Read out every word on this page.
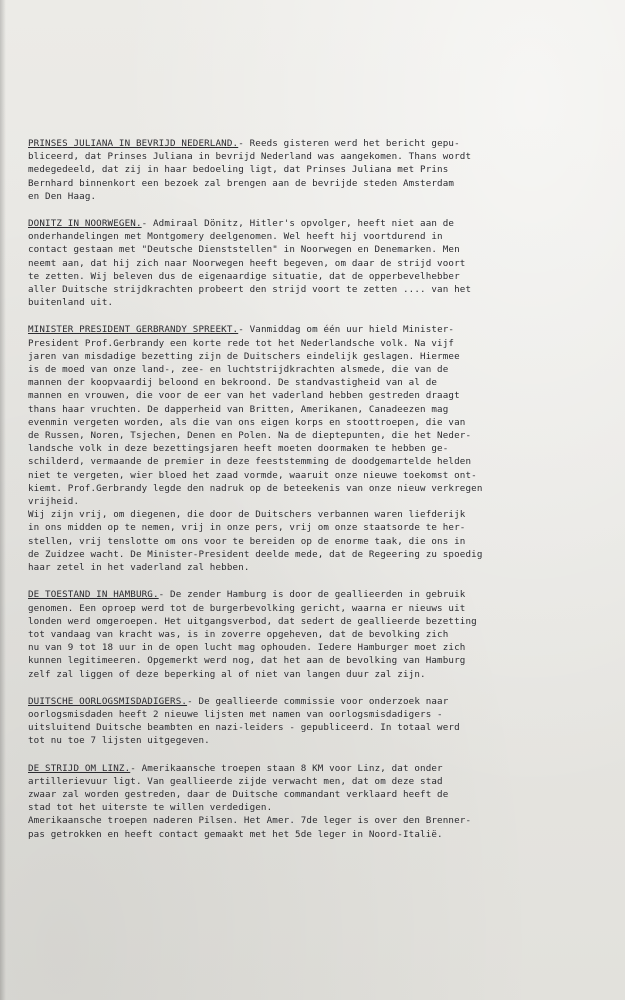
PRINSES JULIANA IN BEVRIJD NEDERLAND.- Reeds gisteren werd het bericht gepu-
bliceerd, dat Prinses Juliana in bevrijd Nederland was aangekomen. Thans wordt
medegedeeld, dat zij in haar bedoeling ligt, dat Prinses Juliana met Prins
Bernhard binnenkort een bezoek zal brengen aan de bevrijde steden Amsterdam
en Den Haag.
DONITZ IN NOORWEGEN.- Admiraal Dönitz, Hitler's opvolger, heeft niet aan de
onderhandelingen met Montgomery deelgenomen. Wel heeft hij voortdurend in
contact gestaan met "Deutsche Dienststellen" in Noorwegen en Denemarken. Men
neemt aan, dat hij zich naar Noorwegen heeft begeven, om daar de strijd voort
te zetten. Wij beleven dus de eigenaardige situatie, dat de opperbevelhebber
aller Duitsche strijdkrachten probeert den strijd voort te zetten .... van het
buitenland uit.
MINISTER PRESIDENT GERBRANDY SPREEKT.- Vanmiddag om één uur hield Minister-
President Prof.Gerbrandy een korte rede tot het Nederlandsche volk. Na vijf
jaren van misdadige bezetting zijn de Duitschers eindelijk geslagen. Hiermee
is de moed van onze land-, zee- en luchtstrijdkrachten alsmede, die van de
mannen der koopvaardij beloond en bekroond. De standvastigheid van al de
mannen en vrouwen, die voor de eer van het vaderland hebben gestreden draagt
thans haar vruchten. De dapperheid van Britten, Amerikanen, Canadeezen mag
evenmin vergeten worden, als die van ons eigen korps en stoottroepen, die van
de Russen, Noren, Tsjechen, Denen en Polen. Na de dieptepunten, die het Neder-
landsche volk in deze bezettingsjaren heeft moeten doormaken te hebben ge-
schilderd, vermaande de premier in deze feeststemming de doodgemartelde helden
niet te vergeten, wier bloed het zaad vormde, waaruit onze nieuwe toekomst ont-
kiemt. Prof.Gerbrandy legde den nadruk op de beteekenis van onze nieuw verkregen
vrijheid.
Wij zijn vrij, om diegenen, die door de Duitschers verbannen waren liefderijk
in ons midden op te nemen, vrij in onze pers, vrij om onze staatsorde te her-
stellen, vrij tenslotte om ons voor te bereiden op de enorme taak, die ons in
de Zuidzee wacht. De Minister-President deelde mede, dat de Regeering zu spoedig
haar zetel in het vaderland zal hebben.
DE TOESTAND IN HAMBURG.- De zender Hamburg is door de geallieerden in gebruik
genomen. Een oproep werd tot de burgerbevolking gericht, waarna er nieuws uit
londen werd omgeroepen. Het uitgangsverbod, dat sedert de geallieerde bezetting
tot vandaag van kracht was, is in zoverre opgeheven, dat de bevolking zich
nu van 9 tot 18 uur in de open lucht mag ophouden. Iedere Hamburger moet zich
kunnen legitimeeren. Opgemerkt werd nog, dat het aan de bevolking van Hamburg
zelf zal liggen of deze beperking al of niet van langen duur zal zijn.
DUITSCHE OORLOGSMISDADIGERS.- De geallieerde commissie voor onderzoek naar
oorlogsmisdaden heeft 2 nieuwe lijsten met namen van oorlogsmisdadigers -
uitsluitend Duitsche beambten en nazi-leiders - gepubliceerd. In totaal werd
tot nu toe 7 lijsten uitgegeven.
DE STRIJD OM LINZ.- Amerikaansche troepen staan 8 KM voor Linz, dat onder
artillerievuur ligt. Van geallieerde zijde verwacht men, dat om deze stad
zwaar zal worden gestreden, daar de Duitsche commandant verklaard heeft de
stad tot het uiterste te willen verdedigen.
Amerikaansche troepen naderen Pilsen. Het Amer. 7de leger is over den Brenner-
pas getrokken en heeft contact gemaakt met het 5de leger in Noord-Italië.
